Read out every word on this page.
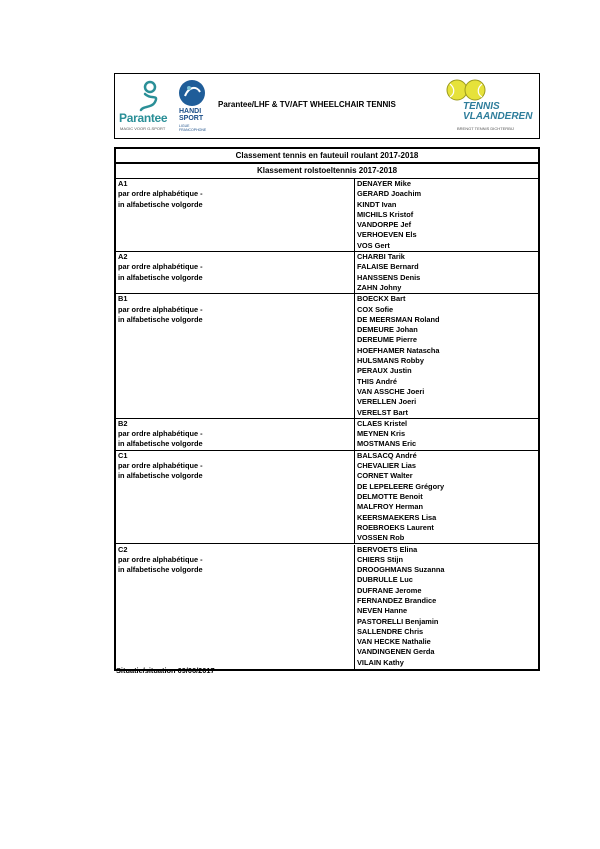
Parantee
MAGIC VOOR G-SPORT
HANDI
SPORT
LIGUE FRANCOPHONE
Parantee/LHF & TV/AFT WHEELCHAIR TENNIS	TENNIS
VLAANDEREN
BRENGT TENNIS DICHTERBIJ
Classement tennis en fauteuil roulant 2017-2018
Klassement rolstoeltennis 2017-2018
A1
par ordre alphabétique -
in alfabetische volgorde
DENAYER Mike
GERARD Joachim
KINDT Ivan
MICHILS Kristof
VANDORPE Jef
VERHOEVEN Els
VOS Gert
A2
par ordre alphabétique -
in alfabetische volgorde
CHARBI Tarik
FALAISE Bernard
HANSSENS Denis
ZAHN Johny
B1
par ordre alphabétique -
in alfabetische volgorde
BOECKX Bart
COX Sofie
DE MEERSMAN Roland
DEMEURE Johan
DEREUME Pierre
HOEFHAMER Natascha
HULSMANS Robby
PERAUX Justin
THIS André
VAN ASSCHE Joeri
VERELLEN Joeri
VERELST Bart
B2
par ordre alphabétique -
in alfabetische volgorde
CLAES Kristel
MEYNEN Kris
MOSTMANS Eric
C1
par ordre alphabétique -
in alfabetische volgorde
BALSACQ André
CHEVALIER Lias
CORNET Walter
DE LEPELEERE Grégory
DELMOTTE Benoit
MALFROY Herman
KEERSMAEKERS Lisa
ROEBROEKS Laurent
VOSSEN Rob
C2
par ordre alphabétique -
in alfabetische volgorde
BERVOETS Elina
CHIERS Stijn
DROOGHMANS Suzanna
DUBRULLE Luc
DUFRANE Jerome
FERNANDEZ Brandice
NEVEN Hanne
PASTORELLI Benjamin
SALLENDRE Chris
VAN HECKE Nathalie
VANDINGENEN Gerda
VILAIN Kathy
Situatie/situation 09/06/2017
